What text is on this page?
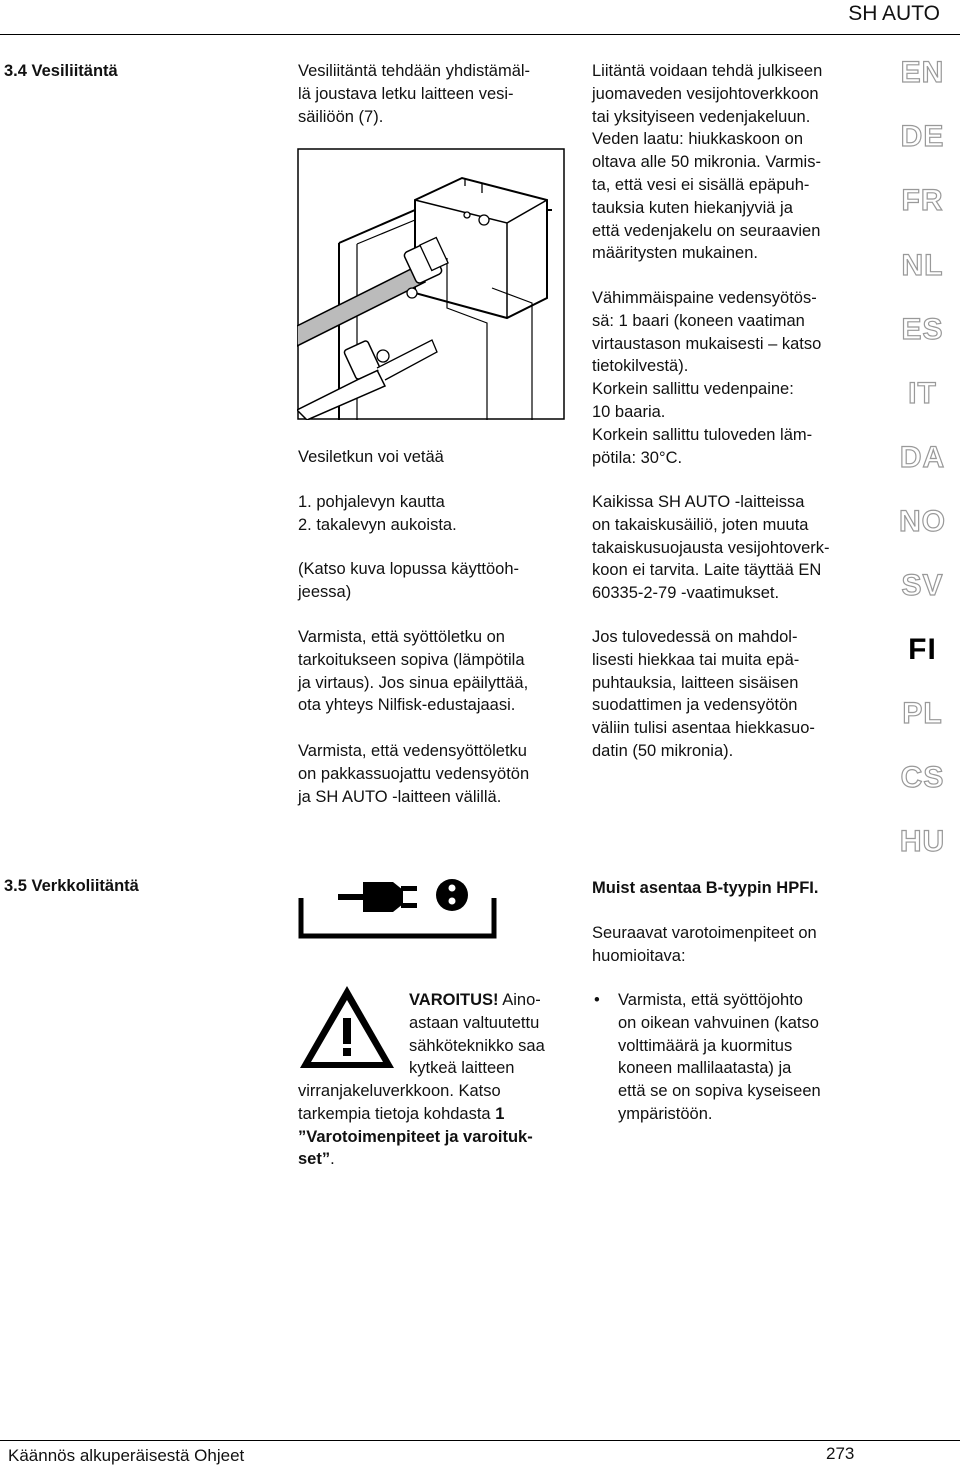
SH AUTO
3.4 Vesiliitäntä	Vesiliitäntä tehdään yhdistämäl-

lä joustava letku laitteen vesi-

säiliöön (7).

Vesiletkun voi vetää

1. pohjalevyn kautta

2. takalevyn aukoista.

(Katso kuva lopussa käyttöoh-

jeessa)

Varmista, että syöttöletku on

tarkoitukseen sopiva (lämpötila

ja virtaus). Jos sinua epäilyttää,

ota yhteys Nilfisk-edustajaasi.

Varmista, että vedensyöttöletku

on pakkassuojattu vedensyötön

ja SH AUTO -laitteen välillä.

Liitäntä voidaan tehdä julkiseen

juomaveden vesijohtoverkkoon

tai yksityiseen vedenjakeluun.

Veden laatu: hiukkaskoon on

oltava alle 50 mikronia. Varmis-

ta, että vesi ei sisällä epäpuh-

tauksia kuten hiekanjyviä ja

että vedenjakelu on seuraavien

määritysten mukainen.

Vähimmäispaine vedensyötös-

sä: 1 baari (koneen vaatiman

virtaustason mukaisesti – katso

tietokilvestä).

Korkein sallittu vedenpaine:

10 baaria.

Korkein sallittu tuloveden läm-

pötila: 30°C.

Kaikissa SH AUTO -laitteissa

on takaiskusäiliö, joten muuta

takaiskusuojausta vesijohtoverk-

koon ei tarvita. Laite täyttää EN

60335-2-79 -vaatimukset.

Jos tulovedessä on mahdol-

lisesti hiekkaa tai muita epä-

puhtauksia, laitteen sisäisen

suodattimen ja vedensyötön

väliin tulisi asentaa hiekkasuo-

datin (50 mikronia).

3.5 Verkkoliitäntä

VAROITUS! Aino-

astaan valtuutettu

sähköteknikko saa

kytkeä laitteen

virranjakeluverkkoon. Katso

tarkempia tietoja kohdasta 1

”Varotoimenpiteet ja varoituk-

set”.

Muist asentaa B-tyypin HPFI.

Seuraavat varotoimenpiteet on

huomioitava:

• Varmista, että syöttöjohto

on oikean vahvuinen (katso

volttimäärä ja kuormitus

koneen mallilaatasta) ja

että se on sopiva kyseiseen

ympäristöön.

EN
DE
FR
NL
ES
IT
DA
NO
SV
FI
PL
CS
HU
Käännös alkuperäisestä Ohjeet	273
